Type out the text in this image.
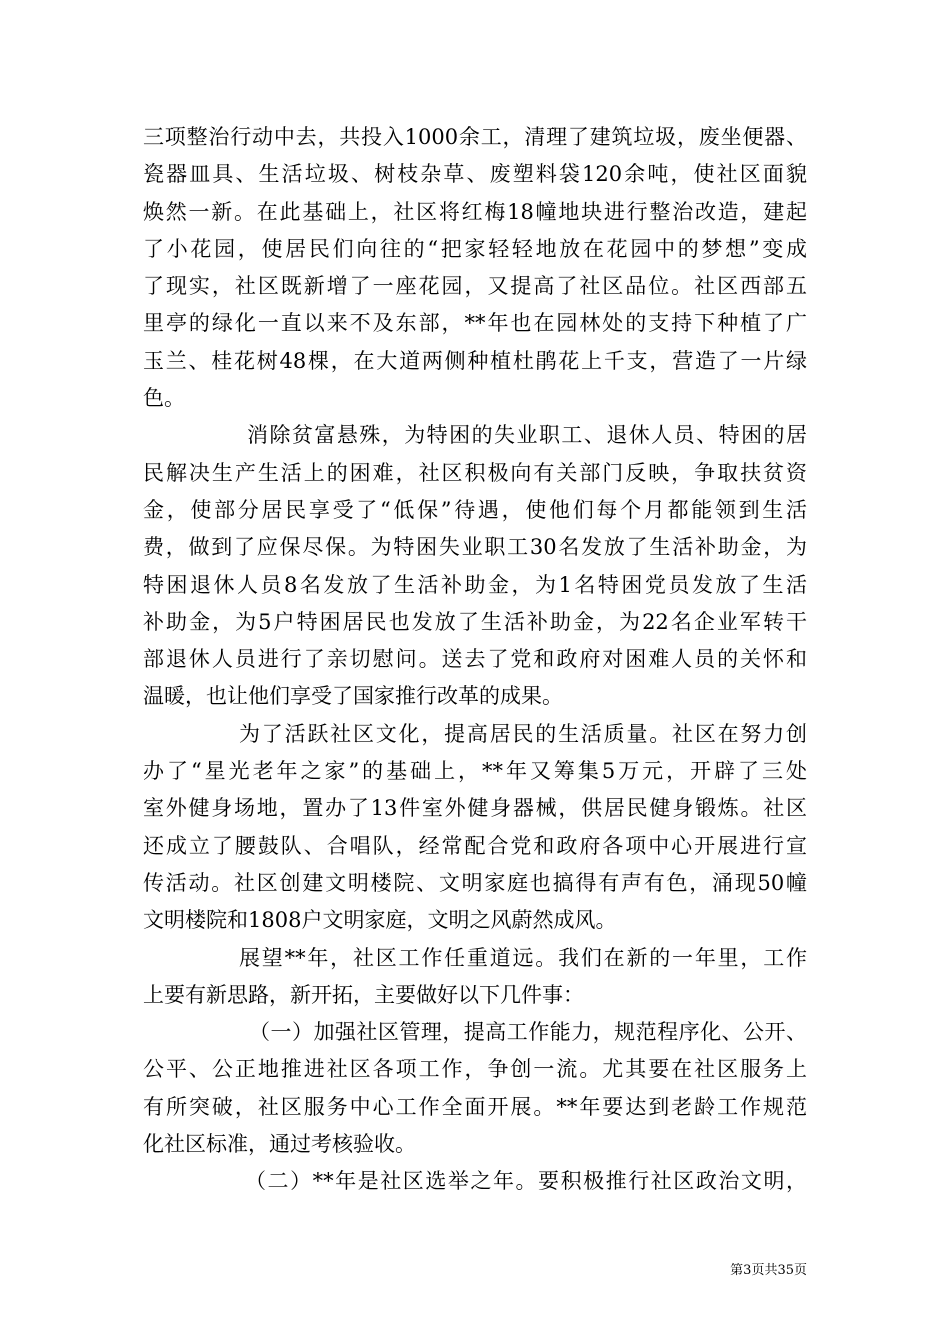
三项整治行动中去，共投入1000余工，清理了建筑垃圾，废坐便器、
瓷器皿具、生活垃圾、树枝杂草、废塑料袋120余吨，使社区面貌
焕然一新。在此基础上，社区将红梅18幢地块进行整治改造，建起
了小花园，使居民们向往的“把家轻轻地放在花园中的梦想”变成
了现实，社区既新增了一座花园，又提高了社区品位。社区西部五
里亭的绿化一直以来不及东部，**年也在园林处的支持下种植了广
玉兰、桂花树48棵，在大道两侧种植杜鹃花上千支，营造了一片绿
色。
消除贫富悬殊，为特困的失业职工、退休人员、特困的居
民解决生产生活上的困难，社区积极向有关部门反映，争取扶贫资
金，使部分居民享受了“低保”待遇，使他们每个月都能领到生活
费，做到了应保尽保。为特困失业职工30名发放了生活补助金，为
特困退休人员8名发放了生活补助金，为1名特困党员发放了生活
补助金，为5户特困居民也发放了生活补助金，为22名企业军转干
部退休人员进行了亲切慰问。送去了党和政府对困难人员的关怀和
温暖，也让他们享受了国家推行改革的成果。
为了活跃社区文化，提高居民的生活质量。社区在努力创
办了“星光老年之家”的基础上，**年又筹集5万元，开辟了三处
室外健身场地，置办了13件室外健身器械，供居民健身锻炼。社区
还成立了腰鼓队、合唱队，经常配合党和政府各项中心开展进行宣
传活动。社区创建文明楼院、文明家庭也搞得有声有色，涌现50幢
文明楼院和1808户文明家庭，文明之风蔚然成风。
展望**年，社区工作任重道远。我们在新的一年里，工作
上要有新思路，新开拓，主要做好以下几件事：
（一）加强社区管理，提高工作能力，规范程序化、公开、
公平、公正地推进社区各项工作，争创一流。尤其要在社区服务上
有所突破，社区服务中心工作全面开展。**年要达到老龄工作规范
化社区标准，通过考核验收。
（二）**年是社区选举之年。要积极推行社区政治文明，
第3页共35页
